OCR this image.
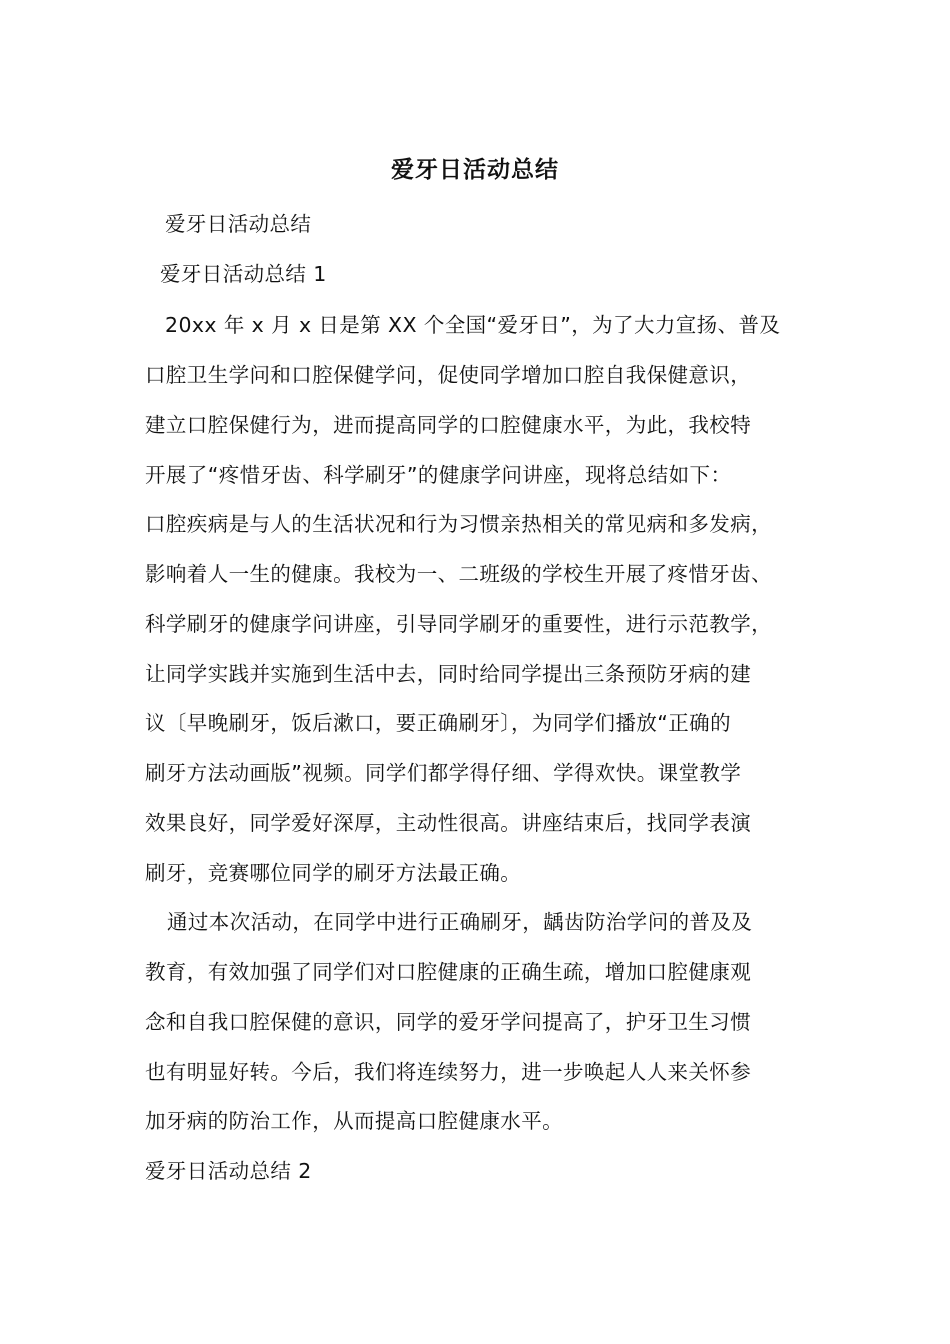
爱牙日活动总结
爱牙日活动总结
爱牙日活动总结 1
20xx 年 x 月 x 日是第 XX 个全国“爱牙日”，为了大力宣扬、普及
口腔卫生学问和口腔保健学问，促使同学增加口腔自我保健意识，
建立口腔保健行为，进而提高同学的口腔健康水平，为此，我校特
开展了“疼惜牙齿、科学刷牙”的健康学问讲座，现将总结如下：
口腔疾病是与人的生活状况和行为习惯亲热相关的常见病和多发病，
影响着人一生的健康。我校为一、二班级的学校生开展了疼惜牙齿、
科学刷牙的健康学问讲座，引导同学刷牙的重要性，进行示范教学，
让同学实践并实施到生活中去，同时给同学提出三条预防牙病的建
议〔早晚刷牙，饭后漱口，要正确刷牙〕，为同学们播放“正确的
刷牙方法动画版”视频。同学们都学得仔细、学得欢快。课堂教学
效果良好，同学爱好深厚，主动性很高。讲座结束后，找同学表演
刷牙，竞赛哪位同学的刷牙方法最正确。
通过本次活动，在同学中进行正确刷牙，龋齿防治学问的普及及
教育，有效加强了同学们对口腔健康的正确生疏，增加口腔健康观
念和自我口腔保健的意识，同学的爱牙学问提高了，护牙卫生习惯
也有明显好转。今后，我们将连续努力，进一步唤起人人来关怀参
加牙病的防治工作，从而提高口腔健康水平。
爱牙日活动总结 2
